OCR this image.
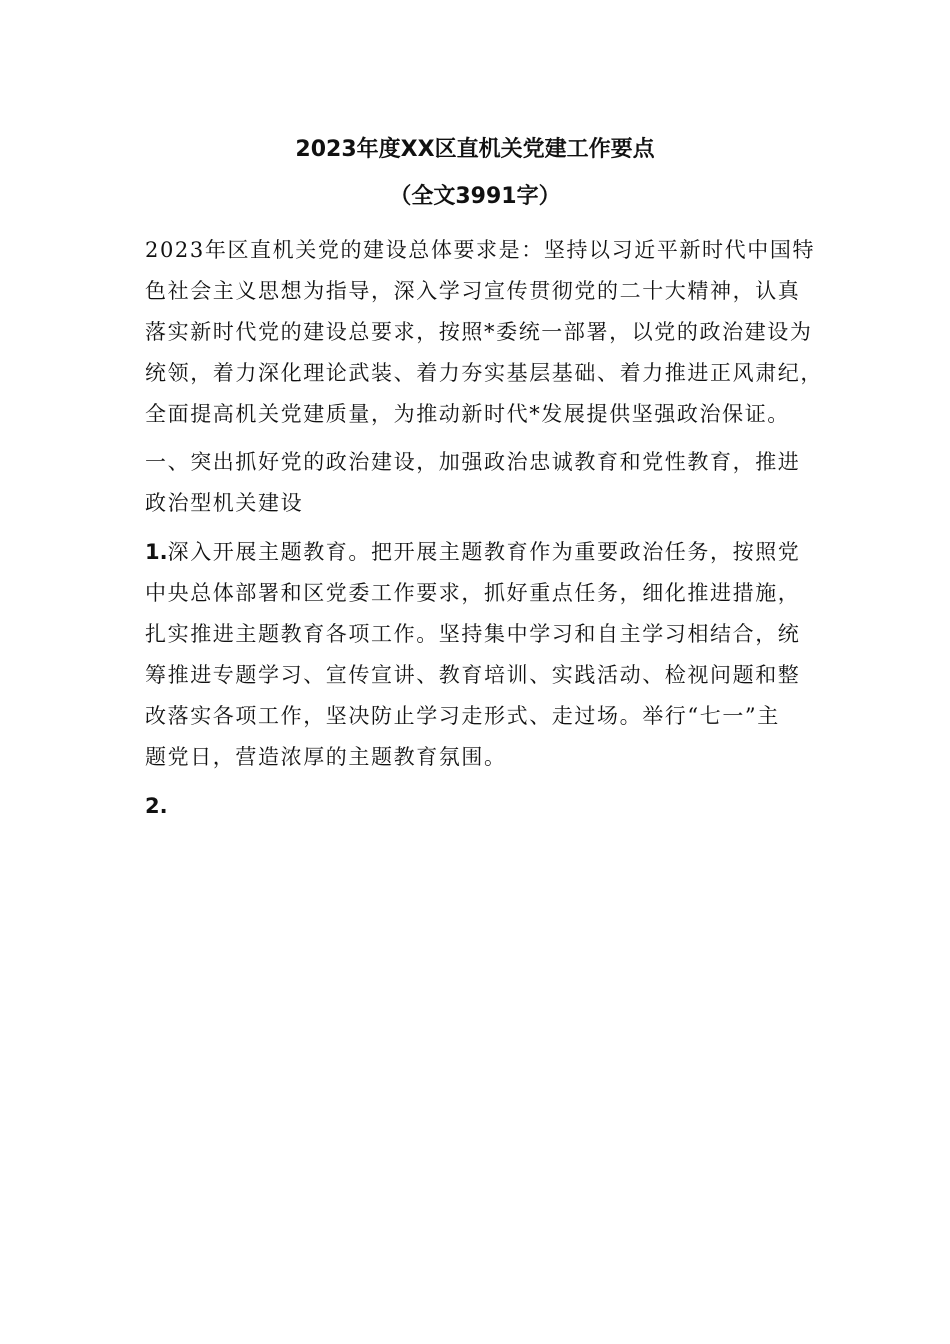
2023年度XX区直机关党建工作要点
（全文3991字）
2023年区直机关党的建设总体要求是：坚持以习近平新时代中国特
色社会主义思想为指导，深入学习宣传贯彻党的二十大精神，认真
落实新时代党的建设总要求，按照*委统一部署，以党的政治建设为
统领，着力深化理论武装、着力夯实基层基础、着力推进正风肃纪，
全面提高机关党建质量，为推动新时代*发展提供坚强政治保证。
一、突出抓好党的政治建设，加强政治忠诚教育和党性教育，推进
政治型机关建设
1.深入开展主题教育。把开展主题教育作为重要政治任务，按照党
中央总体部署和区党委工作要求，抓好重点任务，细化推进措施，
扎实推进主题教育各项工作。坚持集中学习和自主学习相结合，统
筹推进专题学习、宣传宣讲、教育培训、实践活动、检视问题和整
改落实各项工作，坚决防止学习走形式、走过场。举行“七一”主
题党日，营造浓厚的主题教育氛围。
2.
